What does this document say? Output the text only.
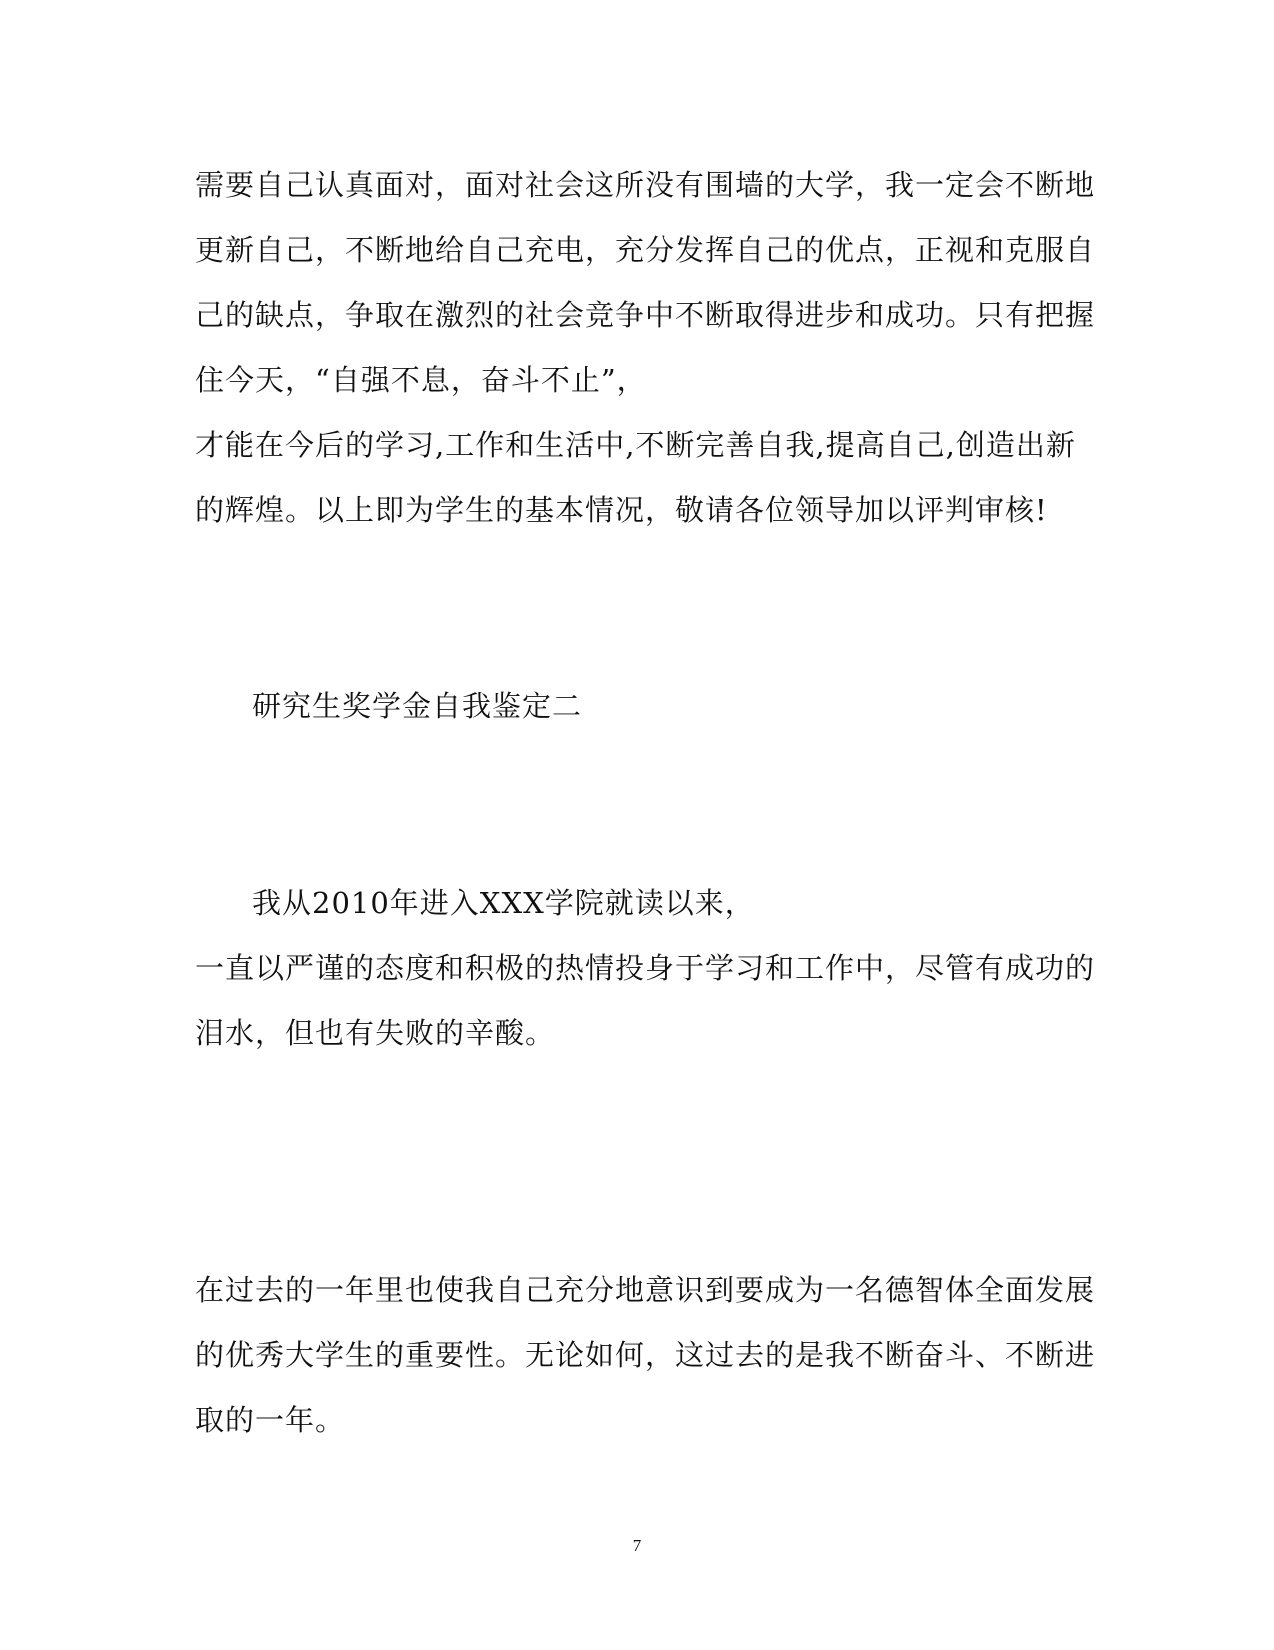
需要自己认真面对，面对社会这所没有围墙的大学，我一定会不断地
更新自己，不断地给自己充电，充分发挥自己的优点，正视和克服自
己的缺点，争取在激烈的社会竞争中不断取得进步和成功。只有把握
住今天，“自强不息，奋斗不止”，
才能在今后的学习,工作和生活中,不断完善自我,提高自己,创造出新
的辉煌。以上即为学生的基本情况，敬请各位领导加以评判审核!
研究生奖学金自我鉴定二
我从2010年进入XXX学院就读以来，
一直以严谨的态度和积极的热情投身于学习和工作中，尽管有成功的
泪水，但也有失败的辛酸。
在过去的一年里也使我自己充分地意识到要成为一名德智体全面发展
的优秀大学生的重要性。无论如何，这过去的是我不断奋斗、不断进
取的一年。
7
